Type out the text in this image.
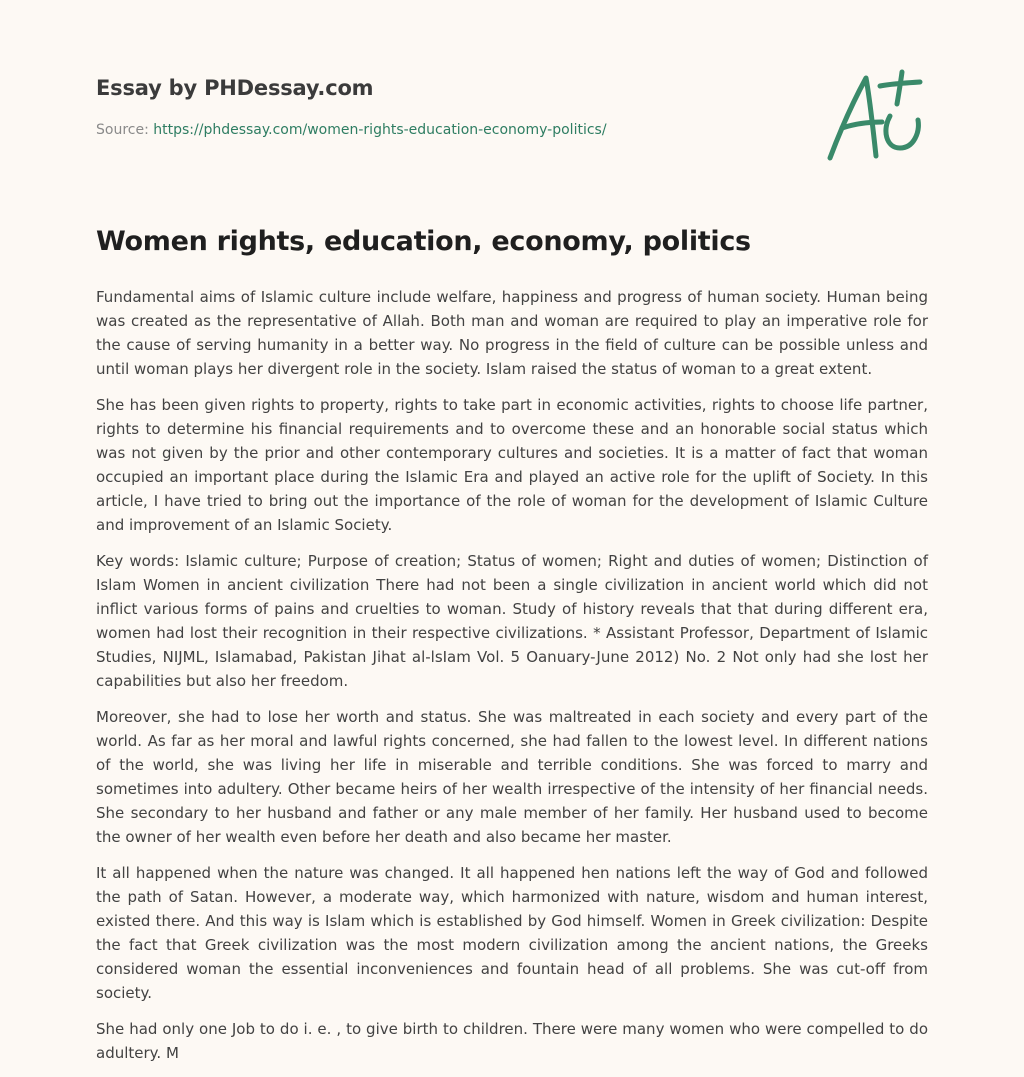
Essay by PHDessay.com
Source: https://phdessay.com/women-rights-education-economy-politics/
Women rights, education, economy, politics

Fundamental aims of Islamic culture include welfare, happiness and progress of human society. Human being was created as the representative of Allah. Both man and woman are required to play an imperative role for the cause of serving humanity in a better way. No progress in the field of culture can be possible unless and until woman plays her divergent role in the society. Islam raised the status of woman to a great extent.

She has been given rights to property, rights to take part in economic activities, rights to choose life partner, rights to determine his financial requirements and to overcome these and an honorable social status which was not given by the prior and other contemporary cultures and societies. It is a matter of fact that woman occupied an important place during the Islamic Era and played an active role for the uplift of Society. In this article, I have tried to bring out the importance of the role of woman for the development of Islamic Culture and improvement of an Islamic Society.

Key words: Islamic culture; Purpose of creation; Status of women; Right and duties of women; Distinction of Islam Women in ancient civilization There had not been a single civilization in ancient world which did not inflict various forms of pains and cruelties to woman. Study of history reveals that that during different era, women had lost their recognition in their respective civilizations. * Assistant Professor, Department of Islamic Studies, NIJML, Islamabad, Pakistan Jihаt al-lsIаm Vol. 5 Oanuary-June 2012) No. 2 Not only had she lost her capabilities but also her freedom.

Moreover, she had to lose her worth and status. She was maltreated in each society and every part of the world. As far as her moral and lawful rights concerned, she had fallen to the lowest level. In different nations of the world, she was living her life in miserable and terrible conditions. She was forced to marry and sometimes into adultery. Other became heirs of her wealth irrespective of the intensity of her financial needs. She secondary to her husband and father or any male member of her family. Her husband used to become the owner of her wealth even before her death and also became her master.

It all happened when the nature was changed. It all happened hen nations left the way of God and followed the path of Satan. However, a moderate way, which harmonized with nature, wisdom and human interest, existed there. And this way is Islam which is established by God himself. Women in Greek civilization: Despite the fact that Greek civilization was the most modern civilization among the ancient nations, the Greeks considered woman the essential inconveniences and fountain head of all problems. She was cut-off from society.

She had only one Job to do i. e. , to give birth to children. There were many women who were compelled to do adultery. M
